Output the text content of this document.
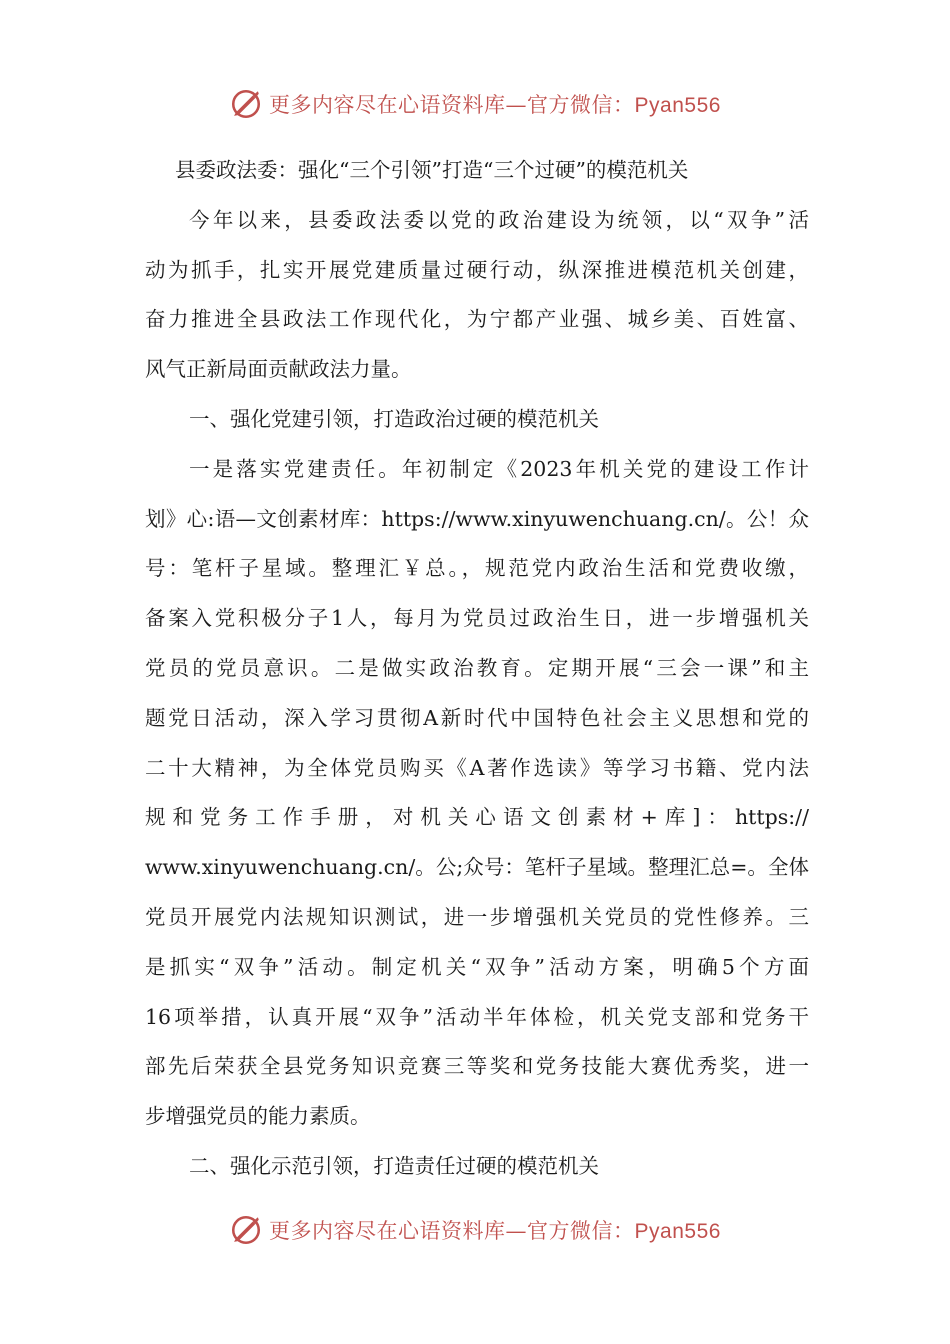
更多内容尽在心语资料库—官方微信：Pyan556
县委政法委：强化“三个引领”打造“三个过硬”的模范机关
今年以来，县委政法委以党的政治建设为统领，以“双争”活
动为抓手，扎实开展党建质量过硬行动，纵深推进模范机关创建，
奋力推进全县政法工作现代化，为宁都产业强、城乡美、百姓富、
风气正新局面贡献政法力量。
一、强化党建引领，打造政治过硬的模范机关
一是落实党建责任。年初制定《2023年机关党的建设工作计
划》心:语—文创素材库：https://www.xinyuwenchuang.cn/。公！众
号：笔杆子星域。整理汇￥总。，规范党内政治生活和党费收缴，
备案入党积极分子1人，每月为党员过政治生日，进一步增强机关
党员的党员意识。二是做实政治教育。定期开展“三会一课”和主
题党日活动，深入学习贯彻A新时代中国特色社会主义思想和党的
二十大精神，为全体党员购买《A著作选读》等学习书籍、党内法
规和党务工作手册，对机关心语文创素材+库]：https://
www.xinyuwenchuang.cn/。公;众号：笔杆子星域。整理汇总=。全体
党员开展党内法规知识测试，进一步增强机关党员的党性修养。三
是抓实“双争”活动。制定机关“双争”活动方案，明确5个方面
16项举措，认真开展“双争”活动半年体检，机关党支部和党务干
部先后荣获全县党务知识竞赛三等奖和党务技能大赛优秀奖，进一
步增强党员的能力素质。
二、强化示范引领，打造责任过硬的模范机关
更多内容尽在心语资料库—官方微信：Pyan556
